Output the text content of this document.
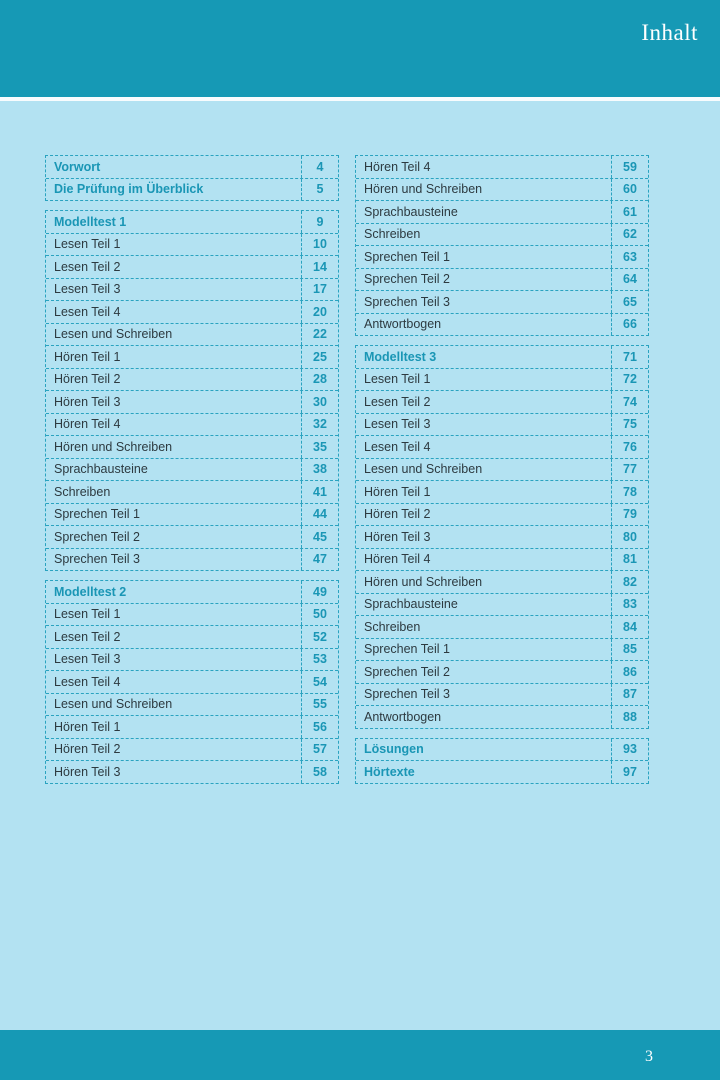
Inhalt
Vorwort	4
Die Prüfung im Überblick	5
Modelltest 1	9
Lesen Teil 1	10
Lesen Teil 2	14
Lesen Teil 3	17
Lesen Teil 4	20
Lesen und Schreiben	22
Hören Teil 1	25
Hören Teil 2	28
Hören Teil 3	30
Hören Teil 4	32
Hören und Schreiben	35
Sprachbausteine	38
Schreiben	41
Sprechen Teil 1	44
Sprechen Teil 2	45
Sprechen Teil 3	47
Modelltest 2	49
Lesen Teil 1	50
Lesen Teil 2	52
Lesen Teil 3	53
Lesen Teil 4	54
Lesen und Schreiben	55
Hören Teil 1	56
Hören Teil 2	57
Hören Teil 3	58
Hören Teil 4	59
Hören und Schreiben	60
Sprachbausteine	61
Schreiben	62
Sprechen Teil 1	63
Sprechen Teil 2	64
Sprechen Teil 3	65
Antwortbogen	66
Modelltest 3	71
Lesen Teil 1	72
Lesen Teil 2	74
Lesen Teil 3	75
Lesen Teil 4	76
Lesen und Schreiben	77
Hören Teil 1	78
Hören Teil 2	79
Hören Teil 3	80
Hören Teil 4	81
Hören und Schreiben	82
Sprachbausteine	83
Schreiben	84
Sprechen Teil 1	85
Sprechen Teil 2	86
Sprechen Teil 3	87
Antwortbogen	88
Lösungen	93
Hörtexte	97
3
